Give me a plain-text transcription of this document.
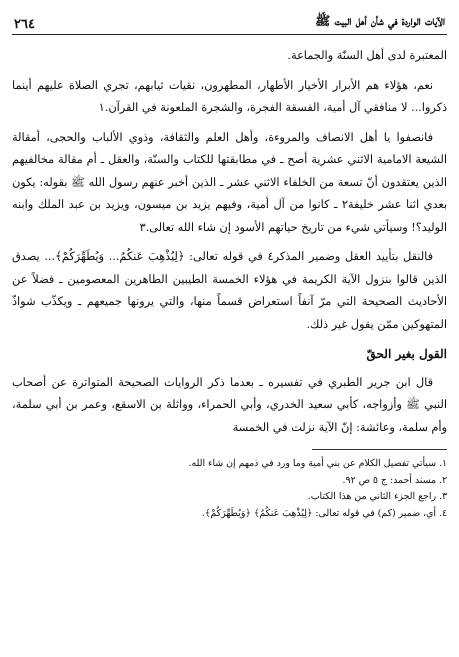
الآيات الواردة في شأن أهل البيت ﷺ
٢٦٤

المعتبرة لدى أهل السنّة والجماعة.

نعم، هؤلاء هم الأبرار الأخيار الأطهار، المطهرون، نقيات ثيابهم، تجري الصلاة عليهم أينما ذكروا... لا منافقي آل أمية، الفسقة الفجرة، والشجرة الملعونة في القرآن.١

فانصفوا يا أهل الانصاف والمروءة، وأهل العلم والثقافة، وذوي الألباب والحجى، أمقالة الشيعة الامامية الاثني عشرية أصح ـ في مطابقتها للكتاب والسنّة، والعقل ـ أم مقالة مخالفيهم الذين يعتقدون أنّ تسعة من الخلفاء الاثني عشر ـ الذين أخبر عنهم رسول الله ﷺ بقوله: يكون بعدي اثنا عشر خليفة٢ ـ كانوا من آل أمية، وفيهم يزيد بن ميسون، ويزيد بن عبد الملك وابنه الوليد؟! وسيأتي شيء من تاريخ حياتهم الأسود إن شاء الله تعالى.٣

فالنقل بتأييد العقل وضمير المذكر٤ في قوله تعالى: ﴿لِيُذْهِبَ عَنكُمُ... وَيُطَهِّرَكُمْ﴾... يصدق الذين قالوا بنزول الآية الكريمة في هؤلاء الخمسة الطيبين الطاهرين المعصومين ـ فضلاً عن الأحاديث الصحيحة التي مرّ آنفاً استعراض قسماً منها، والتي يرونها جميعهم ـ ويكذّب شواذّ المتهوكين ممّن يقول غير ذلك.

القول بغير الحقّ

قال ابن جرير الطبري في تفسيره ـ بعدما ذكر الروايات الصحيحة المتواترة عن أصحاب النبي ﷺ وأزواجه، كأبي سعيد الخدري، وأبي الحمراء، وواثلة بن الاسقع، وعمر بن أبي سلمة، وأم سلمة، وعائشة: إنّ الآية نزلت في الخمسة

١. سيأتي تفصيل الكلام عن بني أمية وما ورد في ذمهم إن شاء الله.
٢. مسند أحمد: ج ٥ ص ٩٢.
٣. راجع الجزء الثاني من هذا الكتاب.
٤. أي، ضمير (كم) في قوله تعالى: ﴿لِيُذْهِبَ عَنكُمُ﴾ ﴿وَيُطَهِّرَكُمْ﴾.
